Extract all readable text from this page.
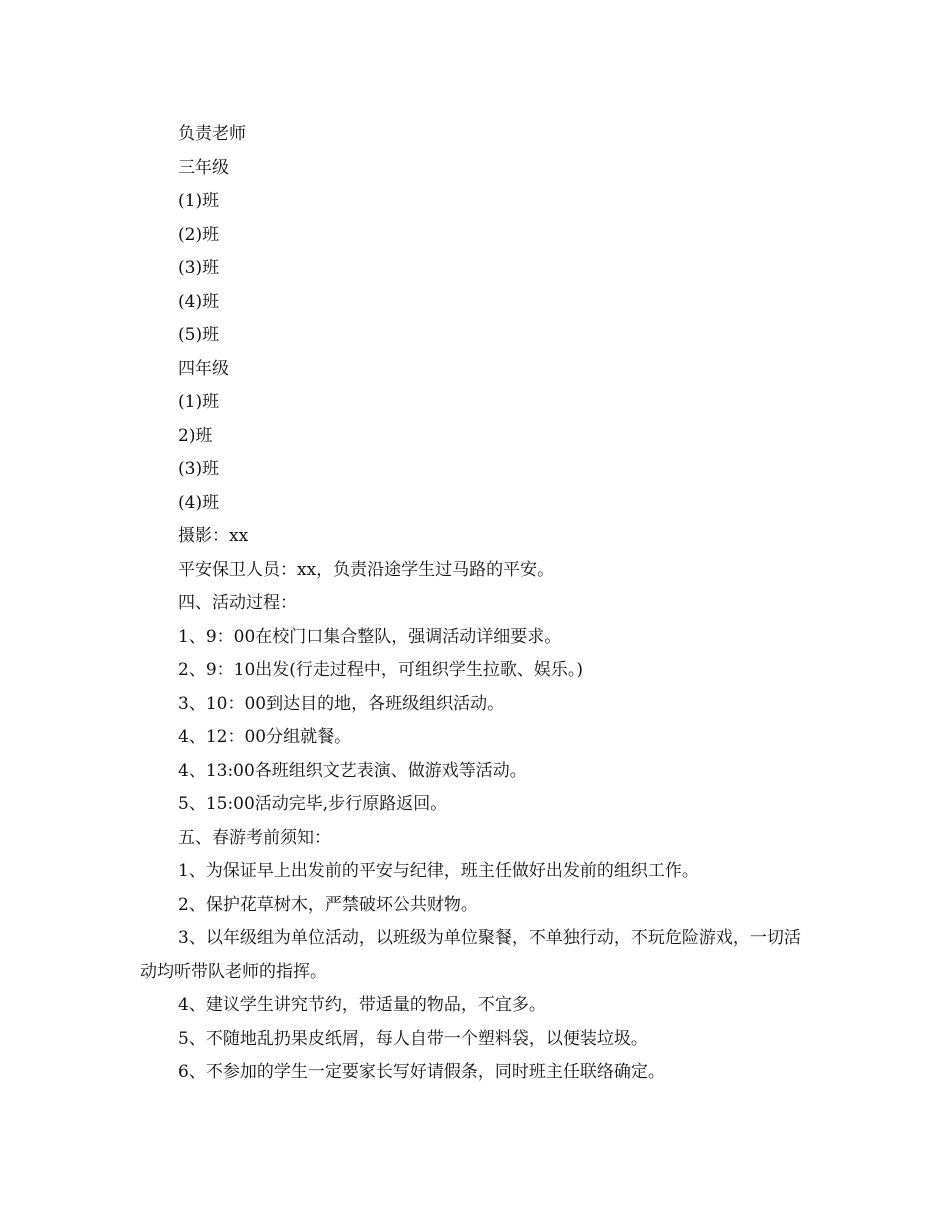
负责老师
三年级
(1)班
(2)班
(3)班
(4)班
(5)班
四年级
(1)班
2)班
(3)班
(4)班
摄影：xx
平安保卫人员：xx，负责沿途学生过马路的平安。
四、活动过程：
1、9：00在校门口集合整队，强调活动详细要求。
2、9：10出发(行走过程中，可组织学生拉歌、娱乐。)
3、10：00到达目的地，各班级组织活动。
4、12：00分组就餐。
4、13:00各班组织文艺表演、做游戏等活动。
5、15:00活动完毕,步行原路返回。
五、春游考前须知：
1、为保证早上出发前的平安与纪律，班主任做好出发前的组织工作。
2、保护花草树木，严禁破坏公共财物。

3、以年级组为单位活动，以班级为单位聚餐，不单独行动，不玩危险游戏，一切活动均听带队老师的指挥。

4、建议学生讲究节约，带适量的物品，不宜多。
5、不随地乱扔果皮纸屑，每人自带一个塑料袋，以便装垃圾。
6、不参加的学生一定要家长写好请假条，同时班主任联络确定。
